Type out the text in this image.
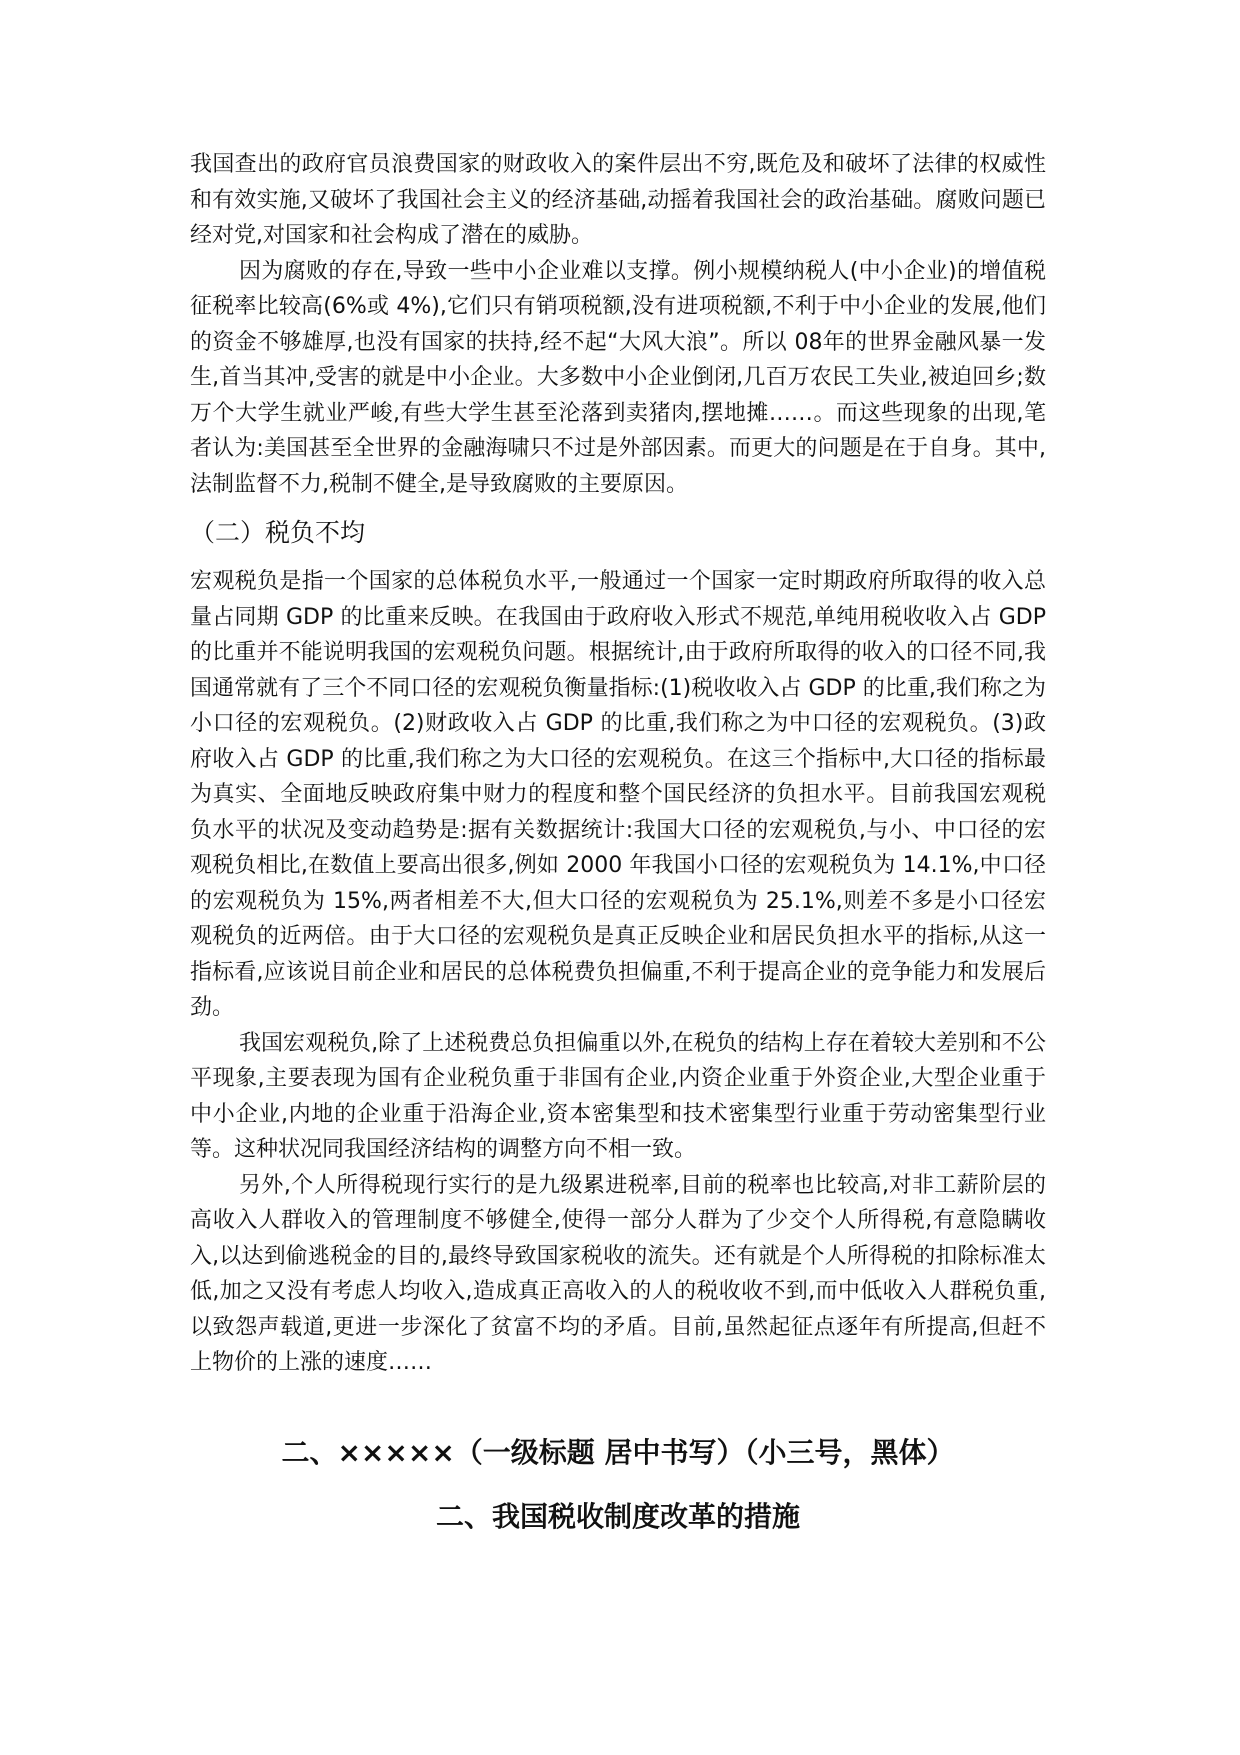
我国查出的政府官员浪费国家的财政收入的案件层出不穷,既危及和破坏了法律的权威性和有效实施,又破坏了我国社会主义的经济基础,动摇着我国社会的政治基础。腐败问题已经对党,对国家和社会构成了潜在的威胁。

因为腐败的存在,导致一些中小企业难以支撑。例小规模纳税人(中小企业)的增值税征税率比较高(6%或 4%),它们只有销项税额,没有进项税额,不利于中小企业的发展,他们的资金不够雄厚,也没有国家的扶持,经不起“大风大浪”。所以 08年的世界金融风暴一发生,首当其冲,受害的就是中小企业。大多数中小企业倒闭,几百万农民工失业,被迫回乡;数万个大学生就业严峻,有些大学生甚至沦落到卖猪肉,摆地摊……。而这些现象的出现,笔者认为:美国甚至全世界的金融海啸只不过是外部因素。而更大的问题是在于自身。其中,法制监督不力,税制不健全,是导致腐败的主要原因。

（二）税负不均

宏观税负是指一个国家的总体税负水平,一般通过一个国家一定时期政府所取得的收入总量占同期 GDP 的比重来反映。在我国由于政府收入形式不规范,单纯用税收收入占 GDP 的比重并不能说明我国的宏观税负问题。根据统计,由于政府所取得的收入的口径不同,我国通常就有了三个不同口径的宏观税负衡量指标:(1)税收收入占 GDP 的比重,我们称之为小口径的宏观税负。(2)财政收入占 GDP 的比重,我们称之为中口径的宏观税负。(3)政府收入占 GDP 的比重,我们称之为大口径的宏观税负。在这三个指标中,大口径的指标最为真实、全面地反映政府集中财力的程度和整个国民经济的负担水平。目前我国宏观税负水平的状况及变动趋势是:据有关数据统计:我国大口径的宏观税负,与小、中口径的宏观税负相比,在数值上要高出很多,例如 2000 年我国小口径的宏观税负为 14.1%,中口径的宏观税负为 15%,两者相差不大,但大口径的宏观税负为 25.1%,则差不多是小口径宏观税负的近两倍。由于大口径的宏观税负是真正反映企业和居民负担水平的指标,从这一指标看,应该说目前企业和居民的总体税费负担偏重,不利于提高企业的竞争能力和发展后劲。

我国宏观税负,除了上述税费总负担偏重以外,在税负的结构上存在着较大差别和不公平现象,主要表现为国有企业税负重于非国有企业,内资企业重于外资企业,大型企业重于中小企业,内地的企业重于沿海企业,资本密集型和技术密集型行业重于劳动密集型行业等。这种状况同我国经济结构的调整方向不相一致。

另外,个人所得税现行实行的是九级累进税率,目前的税率也比较高,对非工薪阶层的高收入人群收入的管理制度不够健全,使得一部分人群为了少交个人所得税,有意隐瞒收入,以达到偷逃税金的目的,最终导致国家税收的流失。还有就是个人所得税的扣除标准太低,加之又没有考虑人均收入,造成真正高收入的人的税收收不到,而中低收入人群税负重,以致怨声载道,更进一步深化了贫富不均的矛盾。目前,虽然起征点逐年有所提高,但赶不上物价的上涨的速度……

二、×××××（一级标题 居中书写）（小三号，黑体）
二、我国税收制度改革的措施
